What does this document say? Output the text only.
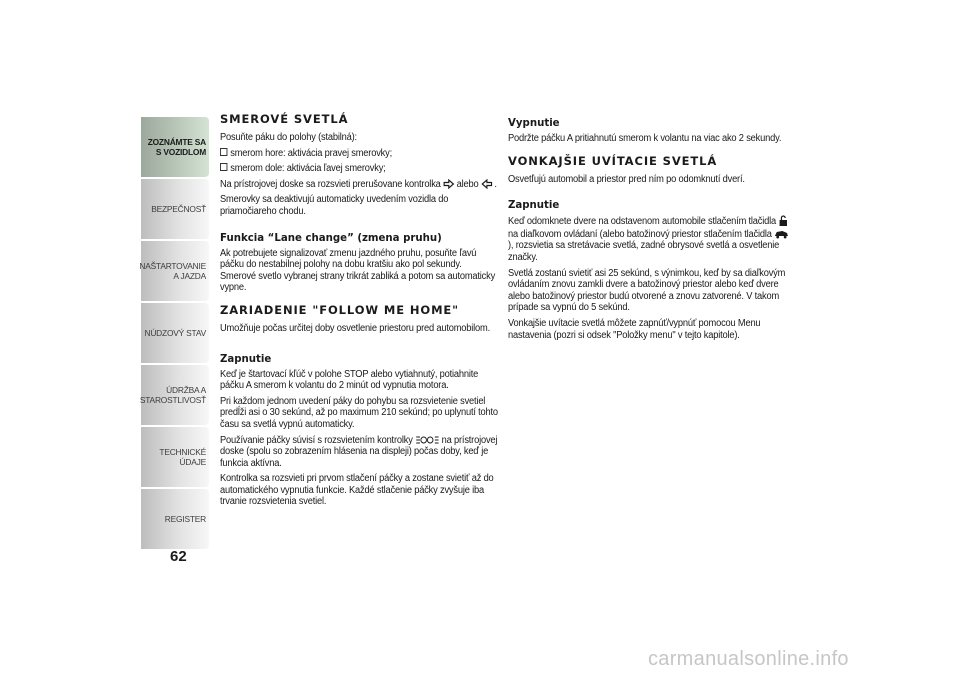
ZOZNÁMTE SA S VOZIDLOM
BEZPEČNOSŤ
NAŠTARTOVANIE A JAZDA
NÚDZOVÝ STAV
ÚDRŽBA A STAROSTLIVOSŤ
TECHNICKÉ ÚDAJE
REGISTER
62
SMEROVÉ SVETLÁ

Posuňte páku do polohy (stabilná):

smerom hore: aktivácia pravej smerovky;

smerom dole: aktivácia ľavej smerovky;

Na prístrojovej doske sa rozsvieti prerušovane kontrolka alebo .

Smerovky sa deaktivujú automaticky uvedením vozidla do priamočiareho chodu.

Funkcia “Lane change” (zmena pruhu)

Ak potrebujete signalizovať zmenu jazdného pruhu, posuňte ľavú páčku do nestabilnej polohy na dobu kratšiu ako pol sekundy. Smerové svetlo vybranej strany trikrát zabliká a potom sa automaticky vypne.

ZARIADENIE "FOLLOW ME HOME"

Umožňuje počas určitej doby osvetlenie priestoru pred automobilom.

Zapnutie

Keď je štartovací kľúč v polohe STOP alebo vytiahnutý, potiahnite páčku A smerom k volantu do 2 minút od vypnutia motora.

Pri každom jednom uvedení páky do pohybu sa rozsvietenie svetiel predĺži asi o 30 sekúnd, až po maximum 210 sekúnd; po uplynutí tohto času sa svetlá vypnú automaticky.

Používanie páčky súvisí s rozsvietením kontrolky	na prístrojovej doske (spolu so zobrazením hlásenia na displeji) počas doby, keď je funkcia aktívna.

Kontrolka sa rozsvieti pri prvom stlačení páčky a zostane svietiť až do automatického vypnutia funkcie. Každé stlačenie páčky zvyšuje iba trvanie rozsvietenia svetiel.

Vypnutie

Podržte páčku A pritiahnutú smerom k volantu na viac ako 2 sekundy.

VONKAJŠIE UVÍTACIE SVETLÁ

Osvetľujú automobil a priestor pred ním po odomknutí dverí.

Zapnutie

Keď odomknete dvere na odstavenom automobile stlačením tlačidla  na diaľkovom ovládaní (alebo batožinový priestor stlačením tlačidla  ), rozsvietia sa stretávacie svetlá, zadné obrysové svetlá a osvetlenie značky.

Svetlá zostanú svietiť asi 25 sekúnd, s výnimkou, keď by sa diaľkovým ovládaním znovu zamkli dvere a batožinový priestor alebo keď dvere alebo batožinový priestor budú otvorené a znovu zatvorené. V takom prípade sa vypnú do 5 sekúnd.

Vonkajšie uvítacie svetlá môžete zapnúť/vypnúť pomocou Menu nastavenia (pozri si odsek "Položky menu" v tejto kapitole).

carmanualsonline.info
